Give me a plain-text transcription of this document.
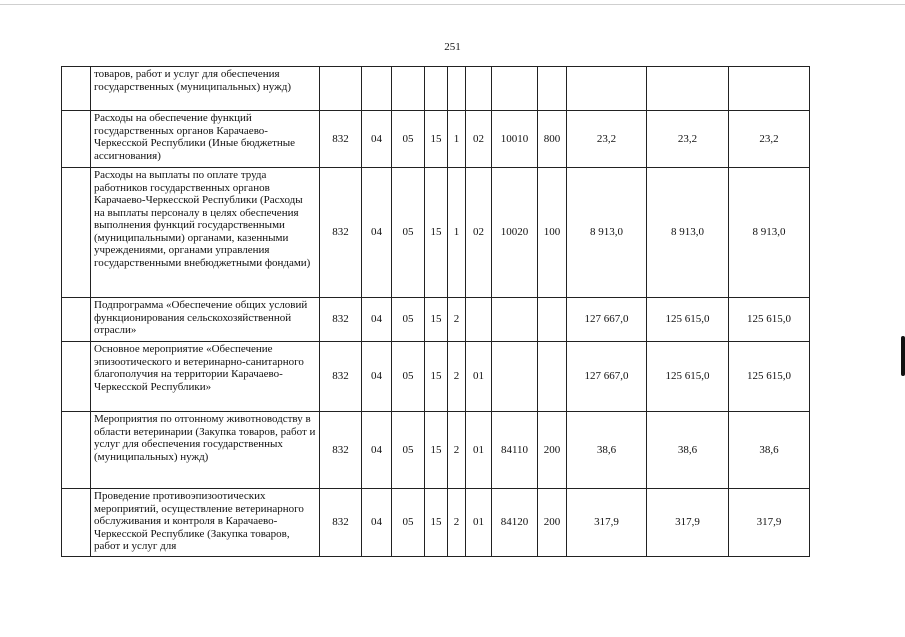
251
	товаров, работ и услуг для обеспечения государственных (муниципальных) нужд)											
	Расходы на обеспечение функций государственных органов Карачаево-Черкесской Республики (Иные бюджетные ассигнования)	832	04	05	15	1	02	10010	800	23,2	23,2	23,2
	Расходы на выплаты по оплате труда работников государственных органов Карачаево-Черкесской Республики (Расходы на выплаты персоналу в целях обеспечения выполнения функций государственными (муниципальными) органами, казенными учреждениями, органами управления государственными внебюджетными фондами)	832	04	05	15	1	02	10020	100	8 913,0	8 913,0	8 913,0
	Подпрограмма «Обеспечение общих условий функционирования сельскохозяйственной отрасли»	832	04	05	15	2				127 667,0	125 615,0	125 615,0
	Основное мероприятие «Обеспечение эпизоотического и ветеринарно-санитарного благополучия на территории Карачаево-Черкесской Республики»	832	04	05	15	2	01			127 667,0	125 615,0	125 615,0
	Мероприятия по отгонному животноводству в области ветеринарии (Закупка товаров, работ и услуг для обеспечения государственных (муниципальных) нужд)	832	04	05	15	2	01	84110	200	38,6	38,6	38,6
	Проведение противоэпизоотических мероприятий, осуществление ветеринарного обслуживания и контроля в Карачаево-Черкесской Республике (Закупка товаров, работ и услуг для	832	04	05	15	2	01	84120	200	317,9	317,9	317,9
